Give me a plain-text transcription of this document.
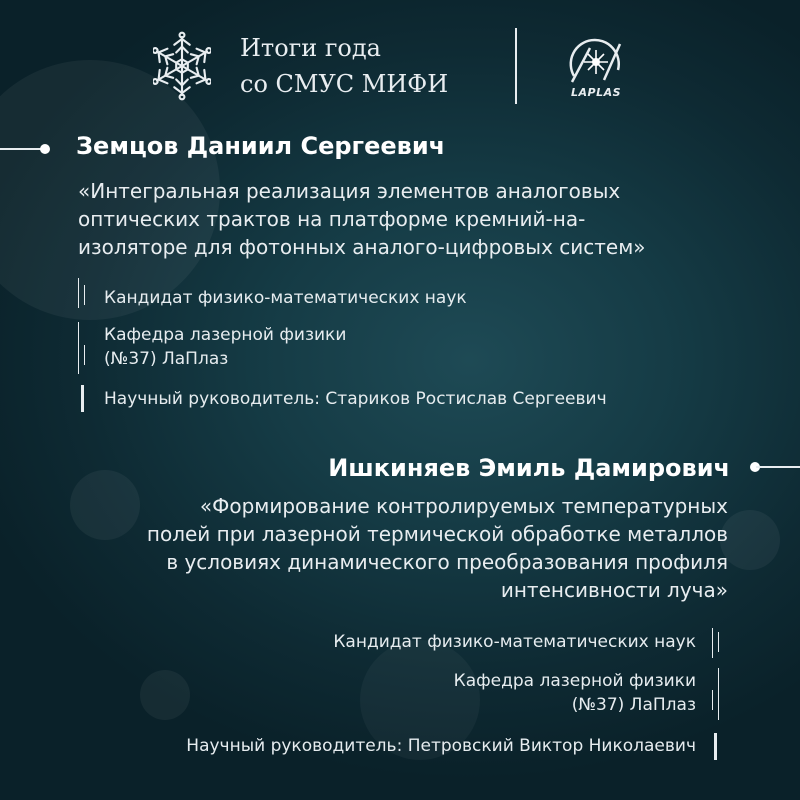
Итоги года
со СМУС МИФИ	LAPLAS
Земцов Даниил Сергеевич
«Интегральная реализация элементов аналоговых
оптических трактов на платформе кремний-на-
изоляторе для фотонных аналого-цифровых систем»
Кандидат физико-математических наук
Кафедра лазерной физики
(№37) ЛаПлаз
Научный руководитель: Стариков Ростислав Сергеевич
Ишкиняев Эмиль Дамирович
«Формирование контролируемых температурных
полей при лазерной термической обработке металлов
в условиях динамического преобразования профиля
интенсивности луча»
Кандидат физико-математических наук
Кафедра лазерной физики
(№37) ЛаПлаз
Научный руководитель: Петровский Виктор Николаевич
